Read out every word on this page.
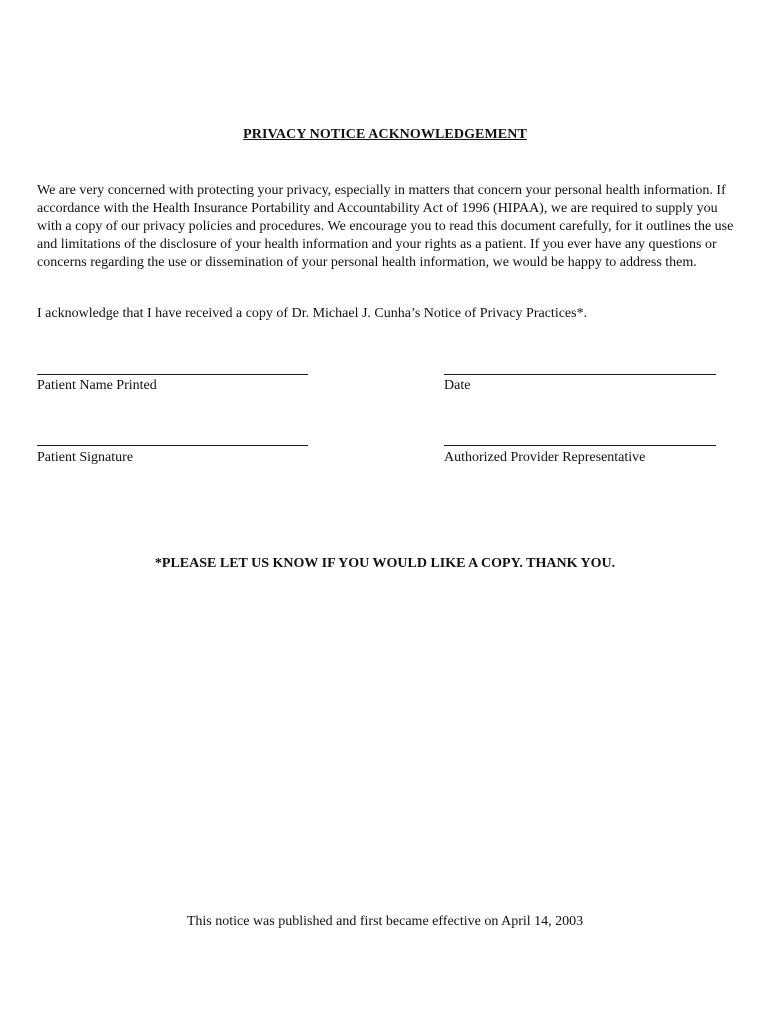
PRIVACY NOTICE ACKNOWLEDGEMENT

We are very concerned with protecting your privacy, especially in matters that concern your personal health information. If accordance with the Health Insurance Portability and Accountability Act of 1996 (HIPAA), we are required to supply you with a copy of our privacy policies and procedures. We encourage you to read this document carefully, for it outlines the use and limitations of the disclosure of your health information and your rights as a patient. If you ever have any questions or concerns regarding the use or dissemination of your personal health information, we would be happy to address them.

I acknowledge that I have received a copy of Dr. Michael J. Cunha’s Notice of Privacy Practices*.

Patient Name Printed	Date
Patient Signature	Authorized Provider Representative
*PLEASE LET US KNOW IF YOU WOULD LIKE A COPY. THANK YOU.
This notice was published and first became effective on April 14, 2003
